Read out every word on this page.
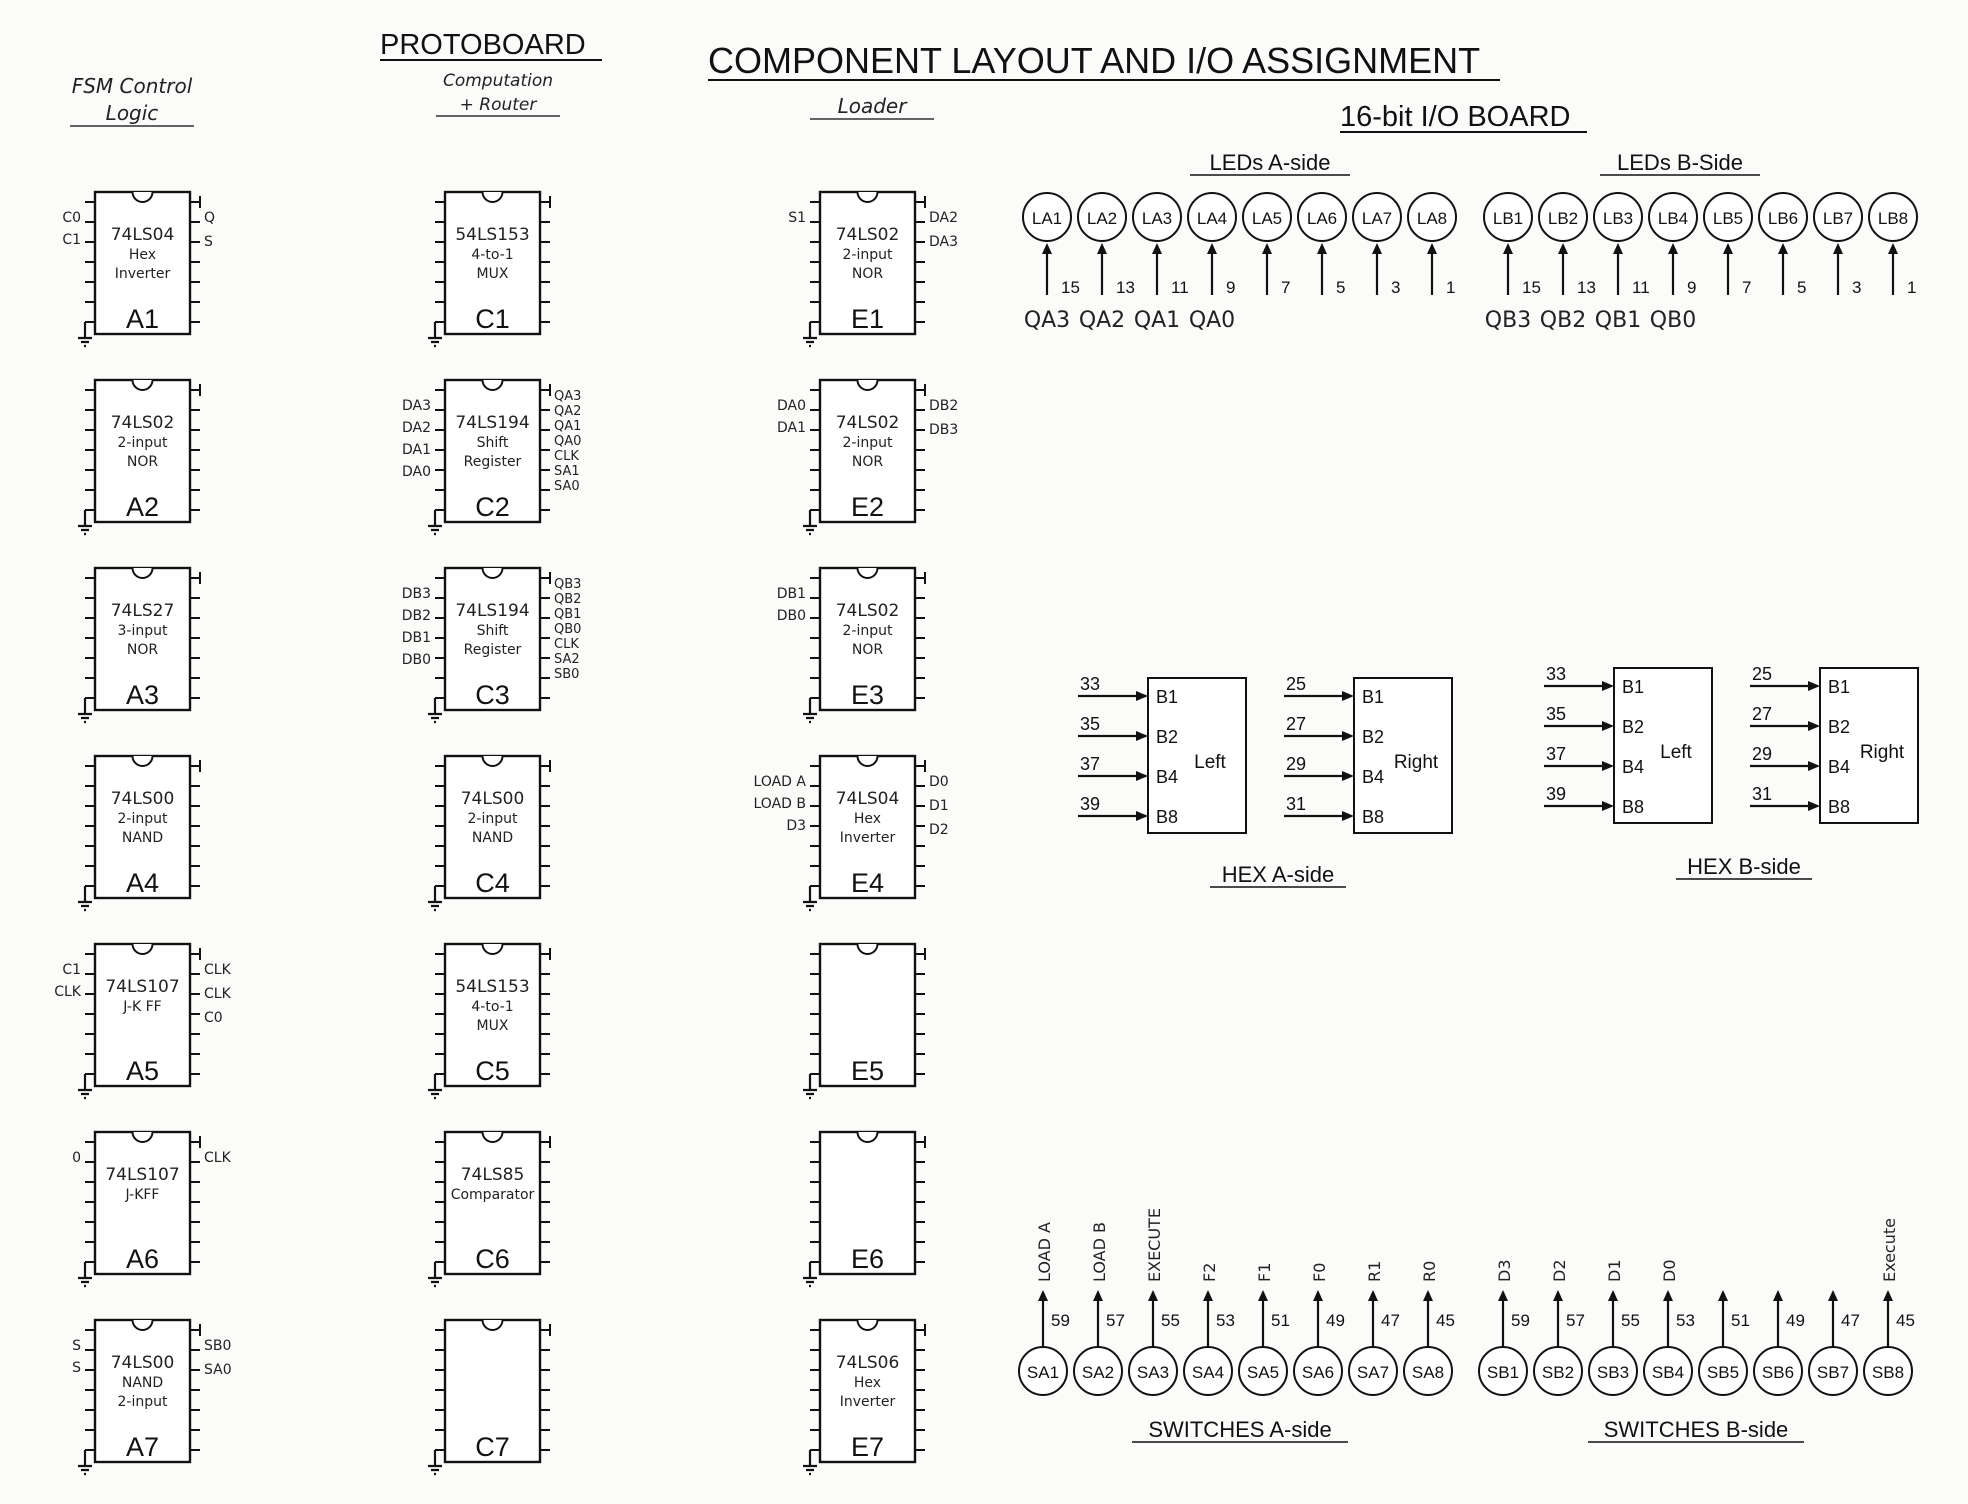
COMPONENT LAYOUT AND I/O ASSIGNMENT
PROTOBOARD
16-bit I/O BOARD
FSM Control
Logic
Computation
+ Router	Loader
74LS04
Hex
Inverter
A1
C0
C1
Q
S
74LS02
2-input
NOR
A2
74LS27
3-input
NOR
A3
74LS00
2-input
NAND
A4
74LS107
J-K FF
A5
C1
CLK
CLK
CLK
C0
74LS107
J-KFF
A6
0	CLK
74LS00
NAND
2-input
A7
S
S
SB0
SA0
54LS153
4-to-1
MUX
C1
74LS194
Shift
Register
C2
DA3
DA2
DA1
DA0
QA3
QA2
QA1
QA0
CLK
SA1
SA0
74LS194
Shift
Register
C3
DB3
DB2
DB1
DB0
QB3
QB2
QB1
QB0
CLK
SA2
SB0
74LS00
2-input
NAND
C4
54LS153
4-to-1
MUX
C5
74LS85
Comparator
C6
C7
74LS02
2-input
NOR
E1
S1	DA2
DA3
74LS02
2-input
NOR
E2
DA0
DA1
DB2
DB3
74LS02
2-input
NOR
E3
DB1
DB0
74LS04
Hex
Inverter
E4
LOAD A
LOAD B
D3
D0
D1
D2
E5
E6
74LS06
Hex
Inverter
E7
LEDs A-side
LA1
15
LA2
13
LA3
11
LA4
9
LA5
7
LA6
5
LA7
3
LA8
1
QA3 QA2 QA1 QA0
LEDs B-Side
LB1
15
LB2
13
LB3
11
LB4
9
LB5
7
LB6
5
LB7
3
LB8
1
QB3 QB2 QB1 QB0
Left
B1
33
B2
35
B4
37
B8
39
Right
B1
25
B2
27
B4
29
B8
31
Left
B1
33
B2
35
B4
37
B8
39
Right
B1
25
B2
27
B4
29
B8
31
HEX A-side	HEX B-side
SA1
59
LOAD A
SA2
57
LOAD B
SA3
55
EXECUTE
SA4
53
F2
SA5
51
F1
SA6
49
F0
SA7
47
R1
SA8
45
R0
SWITCHES A-side
SB1
59
D3
SB2
57
D2
SB3
55
D1
SB4
53
D0
SB5
51
SB6
49
SB7
47
SB8
45
Execute
SWITCHES B-side
